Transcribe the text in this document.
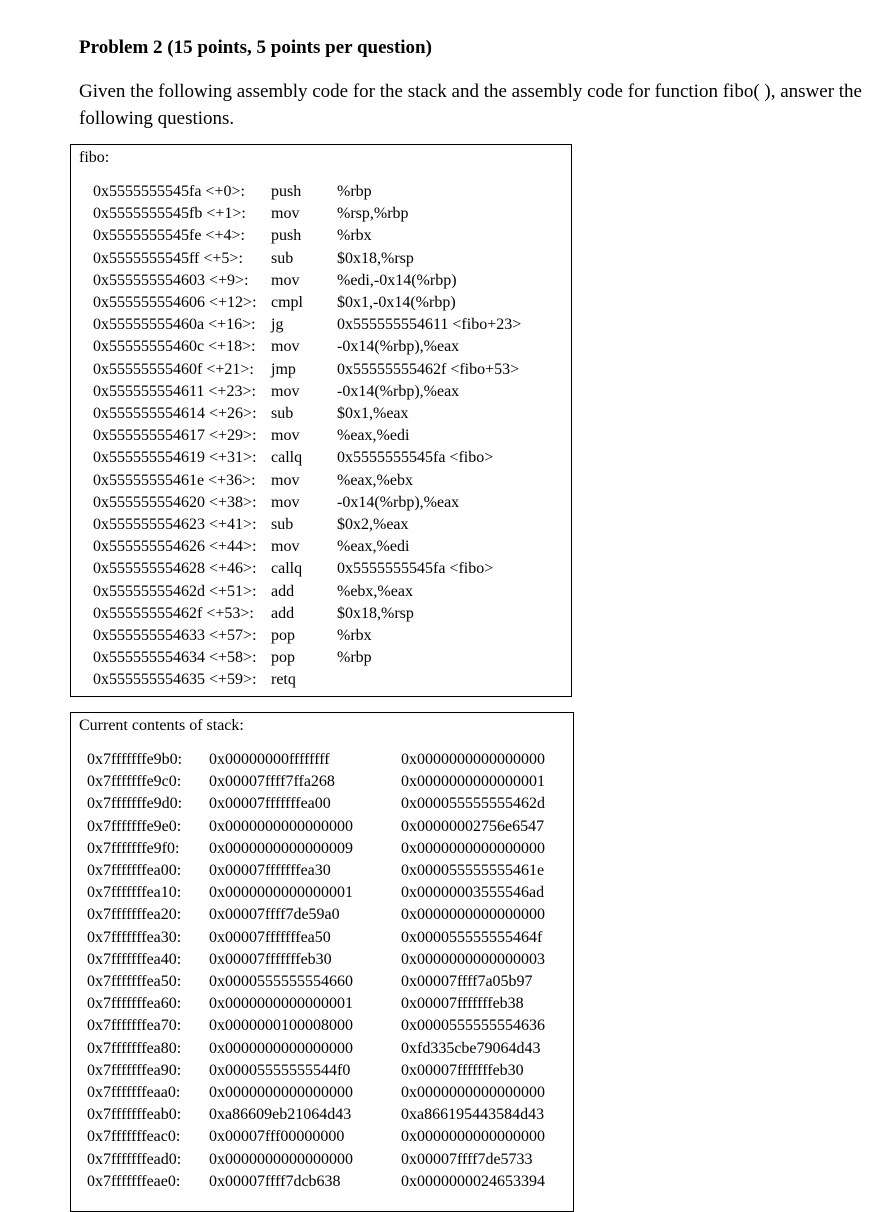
Problem 2 (15 points, 5 points per question)
Given the following assembly code for the stack and the assembly code for function fibo( ), answer the following questions.
fibo:
0x5555555545fa <+0>: push %rbp
0x5555555545fb <+1>: mov %rsp,%rbp
0x5555555545fe <+4>: push %rbx
0x5555555545ff <+5>: sub	$0x18,%rsp
0x555555554603 <+9>: mov %edi,-0x14(%rbp)
0x555555554606 <+12>: cmpl $0x1,-0x14(%rbp)
0x55555555460a <+16>: jg	0x555555554611 <fibo+23>
0x55555555460c <+18>: mov -0x14(%rbp),%eax
0x55555555460f <+21>: jmp	0x55555555462f <fibo+53>
0x555555554611 <+23>: mov -0x14(%rbp),%eax
0x555555554614 <+26>: sub	$0x1,%eax
0x555555554617 <+29>: mov %eax,%edi
0x555555554619 <+31>: callq 0x5555555545fa <fibo>
0x55555555461e <+36>: mov %eax,%ebx
0x555555554620 <+38>: mov -0x14(%rbp),%eax
0x555555554623 <+41>: sub	$0x2,%eax
0x555555554626 <+44>: mov %eax,%edi
0x555555554628 <+46>: callq 0x5555555545fa <fibo>
0x55555555462d <+51>: add	%ebx,%eax
0x55555555462f <+53>: add	$0x18,%rsp
0x555555554633 <+57>: pop	%rbx
0x555555554634 <+58>: pop	%rbp
0x555555554635 <+59>: retq
Current contents of stack:
0x7fffffffe9b0: 0x00000000ffffffff	0x0000000000000000
0x7fffffffe9c0: 0x00007ffff7ffa268	0x0000000000000001
0x7fffffffe9d0: 0x00007fffffffea00	0x000055555555462d
0x7fffffffe9e0: 0x0000000000000000	0x00000002756e6547
0x7fffffffe9f0: 0x0000000000000009	0x0000000000000000
0x7fffffffea00: 0x00007fffffffea30	0x000055555555461e
0x7fffffffea10: 0x0000000000000001	0x00000003555546ad
0x7fffffffea20: 0x00007ffff7de59a0	0x0000000000000000
0x7fffffffea30: 0x00007fffffffea50	0x000055555555464f
0x7fffffffea40: 0x00007fffffffeb30	0x0000000000000003
0x7fffffffea50: 0x0000555555554660	0x00007ffff7a05b97
0x7fffffffea60: 0x0000000000000001	0x00007fffffffeb38
0x7fffffffea70: 0x0000000100008000	0x0000555555554636
0x7fffffffea80: 0x0000000000000000	0xfd335cbe79064d43
0x7fffffffea90: 0x00005555555544f0	0x00007fffffffeb30
0x7fffffffeaa0: 0x0000000000000000	0x0000000000000000
0x7fffffffeab0: 0xa86609eb21064d43	0xa866195443584d43
0x7fffffffeac0: 0x00007fff00000000	0x0000000000000000
0x7fffffffead0: 0x0000000000000000	0x00007ffff7de5733
0x7fffffffeae0: 0x00007ffff7dcb638	0x0000000024653394
